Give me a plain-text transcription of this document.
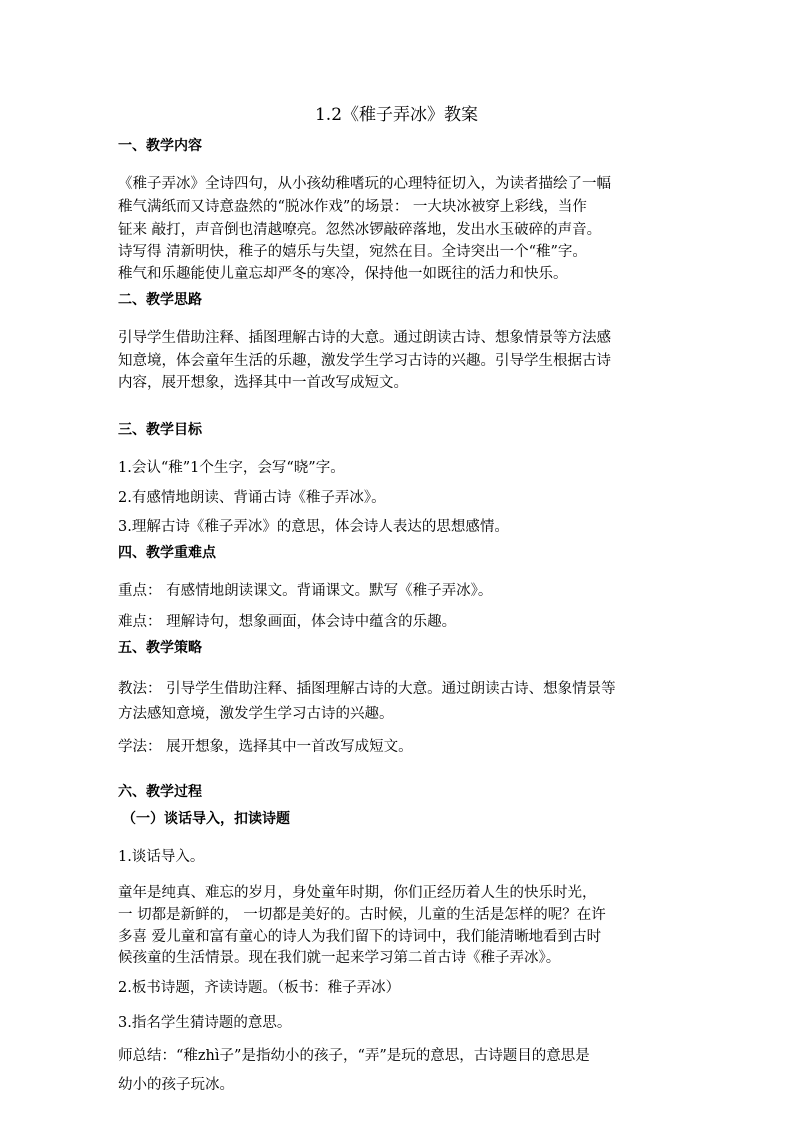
1.2《稚子弄冰》教案
一、教学内容
《稚子弄冰》全诗四句，从小孩幼稚嗜玩的心理特征切入，为读者描绘了一幅
稚气满纸而又诗意盎然的“脱冰作戏”的场景： 一大块冰被穿上彩线，当作
钲来 敲打，声音倒也清越嘹亮。忽然冰锣敲碎落地，发出水玉破碎的声音。
诗写得 清新明快，稚子的嬉乐与失望，宛然在目。全诗突出一个“稚”字。
稚气和乐趣能使儿童忘却严冬的寒冷，保持他一如既往的活力和快乐。
二、教学思路
引导学生借助注释、插图理解古诗的大意。通过朗读古诗、想象情景等方法感
知意境，体会童年生活的乐趣，激发学生学习古诗的兴趣。引导学生根据古诗
内容，展开想象，选择其中一首改写成短文。
三、教学目标
1.会认“稚”1个生字，会写“晓”字。
2.有感情地朗读、背诵古诗《稚子弄冰》。
3.理解古诗《稚子弄冰》的意思，体会诗人表达的思想感情。
四、教学重难点
重点： 有感情地朗读课文。背诵课文。默写《稚子弄冰》。
难点： 理解诗句，想象画面，体会诗中蕴含的乐趣。
五、教学策略
教法： 引导学生借助注释、插图理解古诗的大意。通过朗读古诗、想象情景等
方法感知意境，激发学生学习古诗的兴趣。
学法： 展开想象，选择其中一首改写成短文。
六、教学过程
（一）谈话导入，扣读诗题
1.谈话导入。
童年是纯真、难忘的岁月，身处童年时期，你们正经历着人生的快乐时光，
一 切都是新鲜的， 一切都是美好的。古时候，儿童的生活是怎样的呢？在许
多喜 爱儿童和富有童心的诗人为我们留下的诗词中，我们能清晰地看到古时
候孩童的生活情景。现在我们就一起来学习第二首古诗《稚子弄冰》。
2.板书诗题，齐读诗题。（板书：稚子弄冰）
3.指名学生猜诗题的意思。
师总结：“稚zhì子”是指幼小的孩子，“弄”是玩的意思，古诗题目的意思是
幼小的孩子玩冰。
